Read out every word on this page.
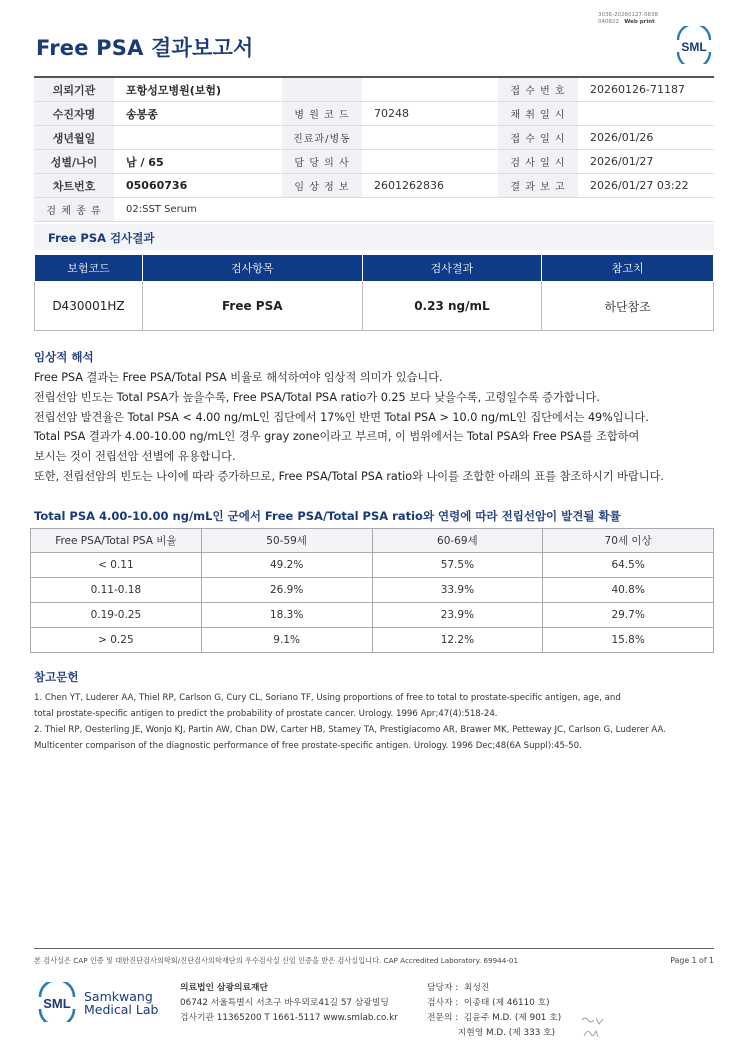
3036-20260127-0838
040822 Web print
Free PSA 결과보고서	SML
의뢰기관	포항성모병원(보험)			접 수 번 호	20260126-71187
수진자명	송봉종	병 원 코 드	70248	채 취 일 시	
생년월일		진료과/병동		접 수 일 시	2026/01/26
성별/나이	남 / 65	담 당 의 사		검 사 일 시	2026/01/27
차트번호	05060736	임 상 정 보	2601262836	결 과 보 고	2026/01/27 03:22
검 체 종 류	02:SST Serum				
Free PSA 검사결과
보험코드	검사항목	검사결과	참고치
D430001HZ	Free PSA	0.23 ng/mL	하단참조
임상적 해석
Free PSA 결과는 Free PSA/Total PSA 비율로 해석하여야 임상적 의미가 있습니다.
전립선암 빈도는 Total PSA가 높을수록, Free PSA/Total PSA ratio가 0.25 보다 낮을수록, 고령일수록 증가합니다.
전립선암 발견율은 Total PSA < 4.00 ng/mL인 집단에서 17%인 반면 Total PSA > 10.0 ng/mL인 집단에서는 49%입니다.
Total PSA 결과가 4.00-10.00 ng/mL인 경우 gray zone이라고 부르며, 이 범위에서는 Total PSA와 Free PSA를 조합하여
보시는 것이 전립선암 선별에 유용합니다.
또한, 전립선암의 빈도는 나이에 따라 증가하므로, Free PSA/Total PSA ratio와 나이를 조합한 아래의 표를 참조하시기 바랍니다.
Total PSA 4.00-10.00 ng/mL인 군에서 Free PSA/Total PSA ratio와 연령에 따라 전립선암이 발견될 확률
Free PSA/Total PSA 비율	50-59세	60-69세	70세 이상
< 0.11	49.2%	57.5%	64.5%
0.11-0.18	26.9%	33.9%	40.8%
0.19-0.25	18.3%	23.9%	29.7%
> 0.25	9.1%	12.2%	15.8%
참고문헌
1. Chen YT, Luderer AA, Thiel RP, Carlson G, Cury CL, Soriano TF, Using proportions of free to total to prostate-specific antigen, age, and
total prostate-specific antigen to predict the probability of prostate cancer. Urology. 1996 Apr;47(4):518-24.
2. Thiel RP, Oesterling JE, Wonjo KJ, Partin AW, Chan DW, Carter HB, Stamey TA, Prestigiacomo AR, Brawer MK, Petteway JC, Carlson G, Luderer AA.
Multicenter comparison of the diagnostic performance of free prostate-specific antigen. Urology. 1996 Dec;48(6A Suppl):45-50.
본 검사실은 CAP 인증 및 대한진단검사의학회/진단검사의학재단의 우수검사실 신임 인증을 받은 검사실입니다. CAP Accredited Laboratory. 69944-01	Page 1 of 1
SML Samkwang
Medical Lab
의료법인 삼광의료재단
06742 서울특별시 서초구 바우뫼로41길 57 삼광빌딩
검사기관 11365200 T 1661-5117 www.smlab.co.kr
담당자 :  최성진
검사자 :  이종태 (제 46110 호)
전문의 :  김윤주 M.D. (제 901 호)
지현영 M.D. (제 333 호)
